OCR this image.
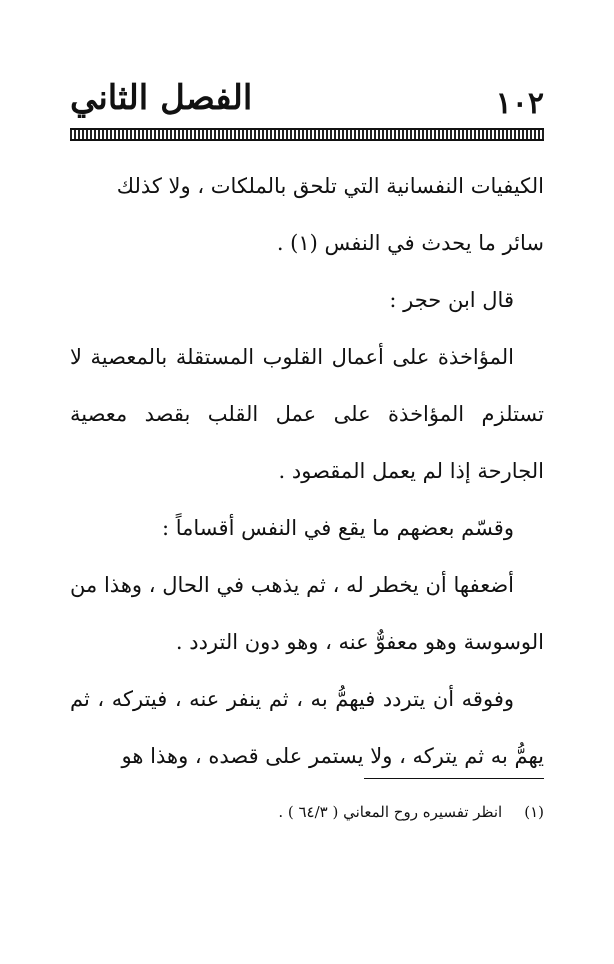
١٠٢
الفصل الثاني

الكيفيات النفسانية التي تلحق بالملكات ، ولا كذلك

سائر ما يحدث في النفس (١) .

قال ابن حجر :

المؤاخذة على أعمال القلوب المستقلة بالمعصية لا تستلزم المؤاخذة على عمل القلب بقصد معصية الجارحة إذا لم يعمل المقصود .

وقسّم بعضهم ما يقع في النفس أقساماً :

أضعفها أن يخطر له ، ثم يذهب في الحال ، وهذا من الوسوسة وهو معفوٌّ عنه ، وهو دون التردد .

وفوقه أن يتردد فيهمُّ به ، ثم ينفر عنه ، فيتركه ، ثم يهمُّ به ثم يتركه ، ولا يستمر على قصده ، وهذا هو

(١)انظر تفسيره روح المعاني ( ٦٤/٣ ) .
